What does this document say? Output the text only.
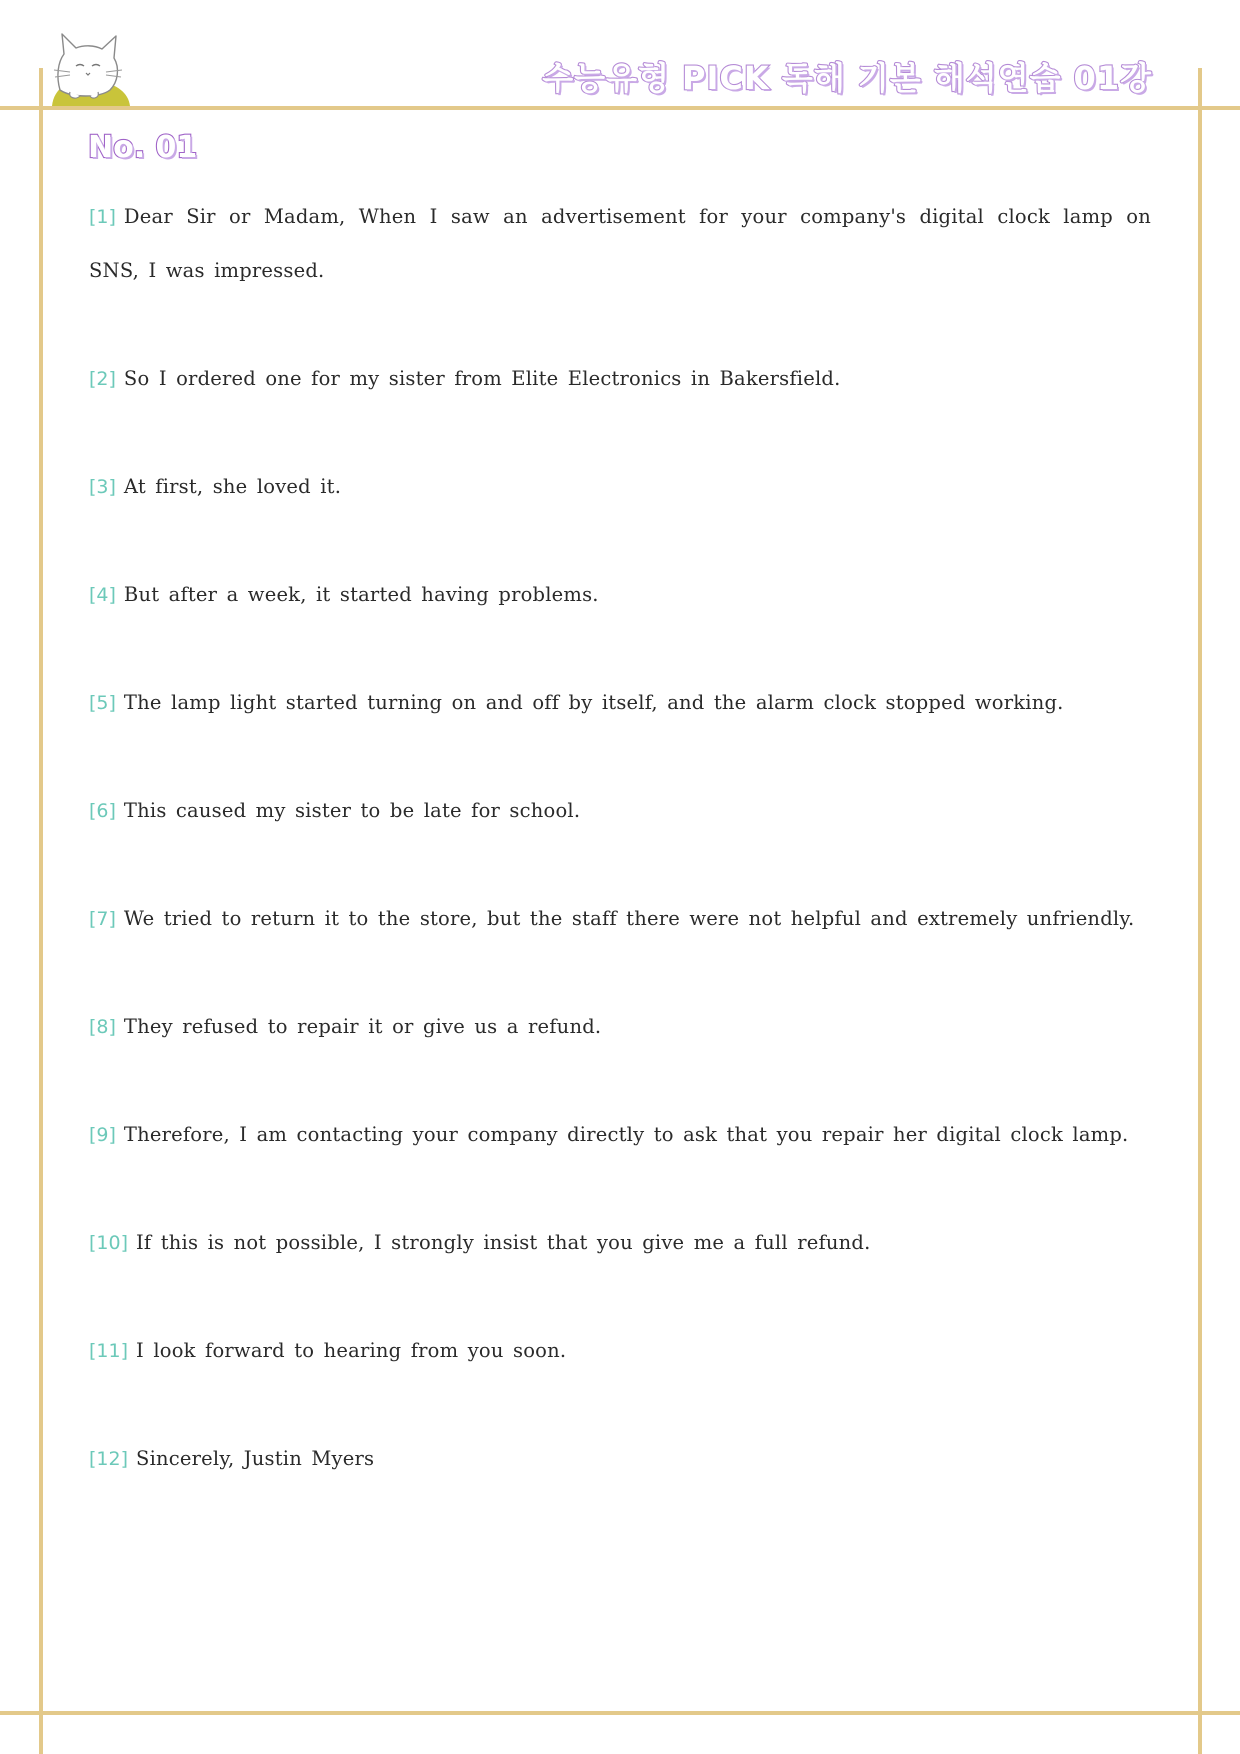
수능유형 PICK 독해 기본 해석연습 01강
No. 01
[1] Dear Sir or Madam, When I saw an advertisement for your company's digital clock lamp on SNS, I was impressed.
[2] So I ordered one for my sister from Elite Electronics in Bakersfield.
[3] At first, she loved it.
[4] But after a week, it started having problems.
[5] The lamp light started turning on and off by itself, and the alarm clock stopped working.
[6] This caused my sister to be late for school.
[7] We tried to return it to the store, but the staff there were not helpful and extremely unfriendly.
[8] They refused to repair it or give us a refund.
[9] Therefore, I am contacting your company directly to ask that you repair her digital clock lamp.
[10] If this is not possible, I strongly insist that you give me a full refund.
[11] I look forward to hearing from you soon.
[12] Sincerely, Justin Myers
